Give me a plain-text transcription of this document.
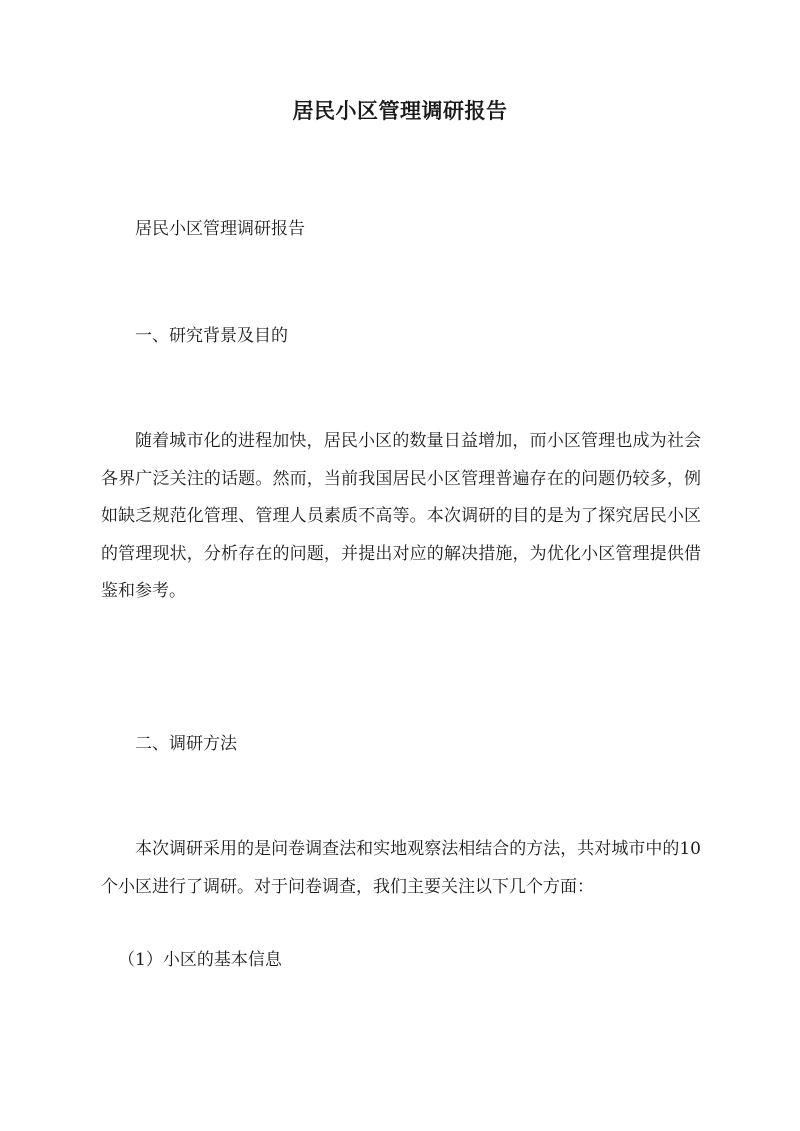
居民小区管理调研报告

居民小区管理调研报告

一、研究背景及目的

随着城市化的进程加快，居民小区的数量日益增加，而小区管理也成为社会各界广泛关注的话题。然而，当前我国居民小区管理普遍存在的问题仍较多，例如缺乏规范化管理、管理人员素质不高等。本次调研的目的是为了探究居民小区的管理现状，分析存在的问题，并提出对应的解决措施，为优化小区管理提供借鉴和参考。

二、调研方法

本次调研采用的是问卷调查法和实地观察法相结合的方法，共对城市中的10个小区进行了调研。对于问卷调查，我们主要关注以下几个方面：

（1）小区的基本信息
